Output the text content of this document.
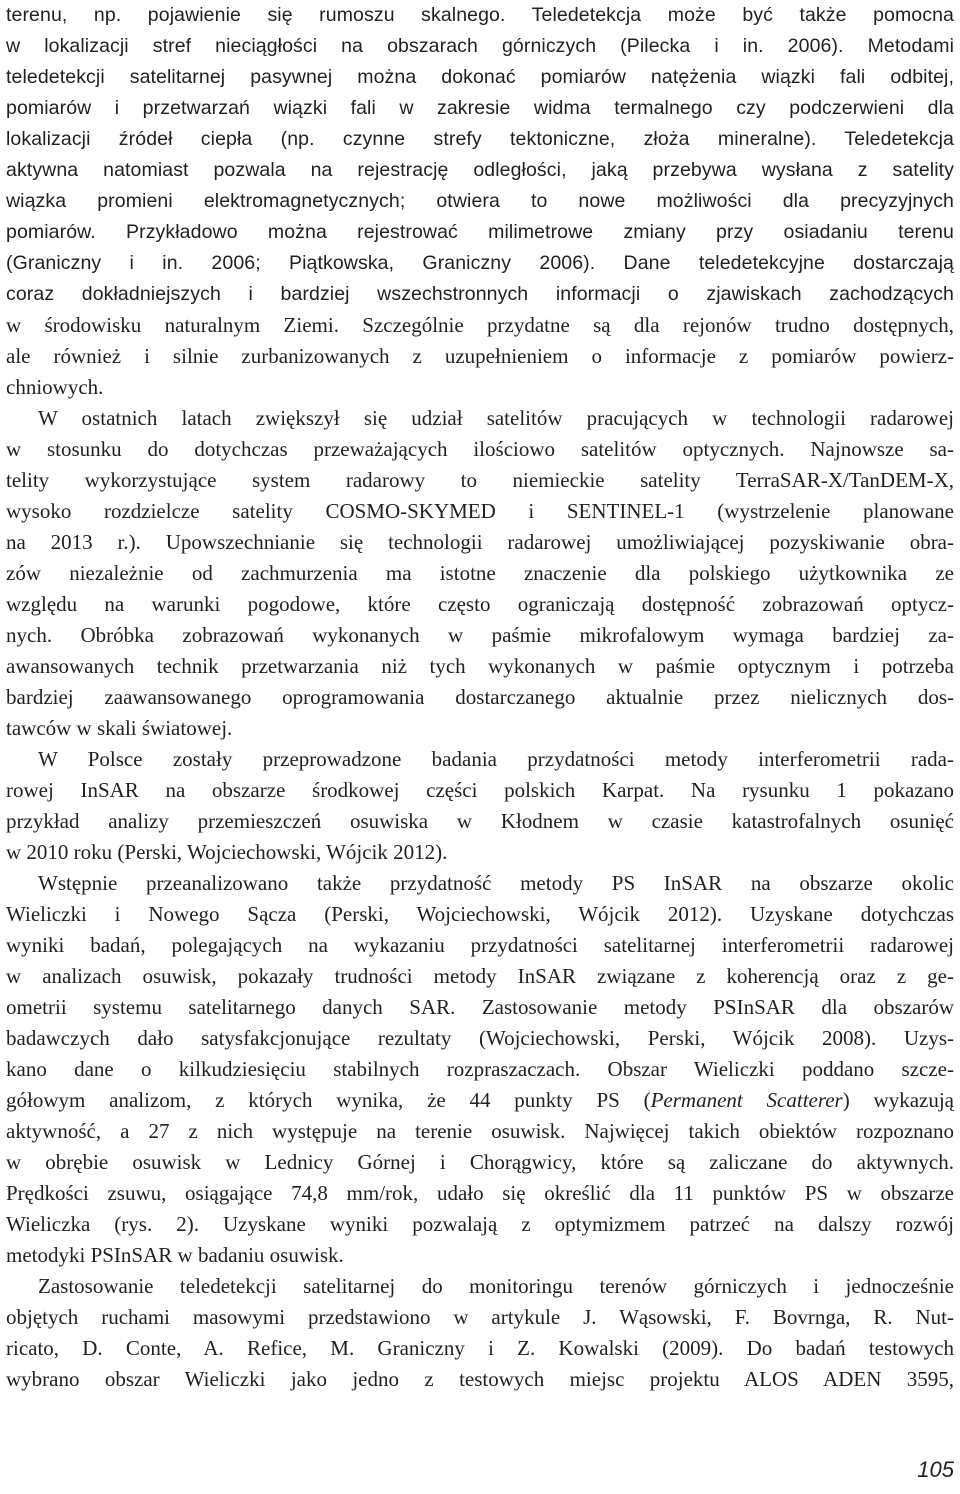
terenu, np. pojawienie się rumoszu skalnego. Teledetekcja może być także pomocna
w lokalizacji stref nieciągłości na obszarach górniczych (Pilecka i in. 2006). Metodami
teledetekcji satelitarnej pasywnej można dokonać pomiarów natężenia wiązki fali odbitej,
pomiarów i przetwarzań wiązki fali w zakresie widma termalnego czy podczerwieni dla
lokalizacji źródeł ciepła (np. czynne strefy tektoniczne, złoża mineralne). Teledetekcja
aktywna natomiast pozwala na rejestrację odległości, jaką przebywa wysłana z satelity
wiązka promieni elektromagnetycznych; otwiera to nowe możliwości dla precyzyjnych
pomiarów. Przykładowo można rejestrować milimetrowe zmiany przy osiadaniu terenu
(Graniczny i in. 2006; Piątkowska, Graniczny 2006). Dane teledetekcyjne dostarczają
coraz dokładniejszych i bardziej wszechstronnych informacji o zjawiskach zachodzących
w środowisku naturalnym Ziemi. Szczególnie przydatne są dla rejonów trudno dostępnych,
ale również i silnie zurbanizowanych z uzupełnieniem o informacje z pomiarów powierz-
chniowych.
W ostatnich latach zwiększył się udział satelitów pracujących w technologii radarowej
w stosunku do dotychczas przeważających ilościowo satelitów optycznych. Najnowsze sa-
telity wykorzystujące system radarowy to niemieckie satelity TerraSAR-X/TanDEM-X,
wysoko rozdzielcze satelity COSMO-SKYMED i SENTINEL-1 (wystrzelenie planowane
na 2013 r.). Upowszechnianie się technologii radarowej umożliwiającej pozyskiwanie obra-
zów niezależnie od zachmurzenia ma istotne znaczenie dla polskiego użytkownika ze
względu na warunki pogodowe, które często ograniczają dostępność zobrazowań optycz-
nych. Obróbka zobrazowań wykonanych w paśmie mikrofalowym wymaga bardziej za-
awansowanych technik przetwarzania niż tych wykonanych w paśmie optycznym i potrzeba
bardziej zaawansowanego oprogramowania dostarczanego aktualnie przez nielicznych dos-
tawców w skali światowej.
W Polsce zostały przeprowadzone badania przydatności metody interferometrii rada-
rowej InSAR na obszarze środkowej części polskich Karpat. Na rysunku 1 pokazano
przykład analizy przemieszczeń osuwiska w Kłodnem w czasie katastrofalnych osunięć
w 2010 roku (Perski, Wojciechowski, Wójcik 2012).
Wstępnie przeanalizowano także przydatność metody PS InSAR na obszarze okolic
Wieliczki i Nowego Sącza (Perski, Wojciechowski, Wójcik 2012). Uzyskane dotychczas
wyniki badań, polegających na wykazaniu przydatności satelitarnej interferometrii radarowej
w analizach osuwisk, pokazały trudności metody InSAR związane z koherencją oraz z ge-
ometrii systemu satelitarnego danych SAR. Zastosowanie metody PSInSAR dla obszarów
badawczych dało satysfakcjonujące rezultaty (Wojciechowski, Perski, Wójcik 2008). Uzys-
kano dane o kilkudziesięciu stabilnych rozpraszaczach. Obszar Wieliczki poddano szcze-
gółowym analizom, z których wynika, że 44 punkty PS (Permanent Scatterer) wykazują
aktywność, a 27 z nich występuje na terenie osuwisk. Najwięcej takich obiektów rozpoznano
w obrębie osuwisk w Lednicy Górnej i Chorągwicy, które są zaliczane do aktywnych.
Prędkości zsuwu, osiągające 74,8 mm/rok, udało się określić dla 11 punktów PS w obszarze
Wieliczka (rys. 2). Uzyskane wyniki pozwalają z optymizmem patrzeć na dalszy rozwój
metodyki PSInSAR w badaniu osuwisk.
Zastosowanie teledetekcji satelitarnej do monitoringu terenów górniczych i jednocześnie
objętych ruchami masowymi przedstawiono w artykule J. Wąsowski, F. Bovrnga, R. Nut-
ricato, D. Conte, A. Refice, M. Graniczny i Z. Kowalski (2009). Do badań testowych
wybrano obszar Wieliczki jako jedno z testowych miejsc projektu ALOS ADEN 3595,
105
